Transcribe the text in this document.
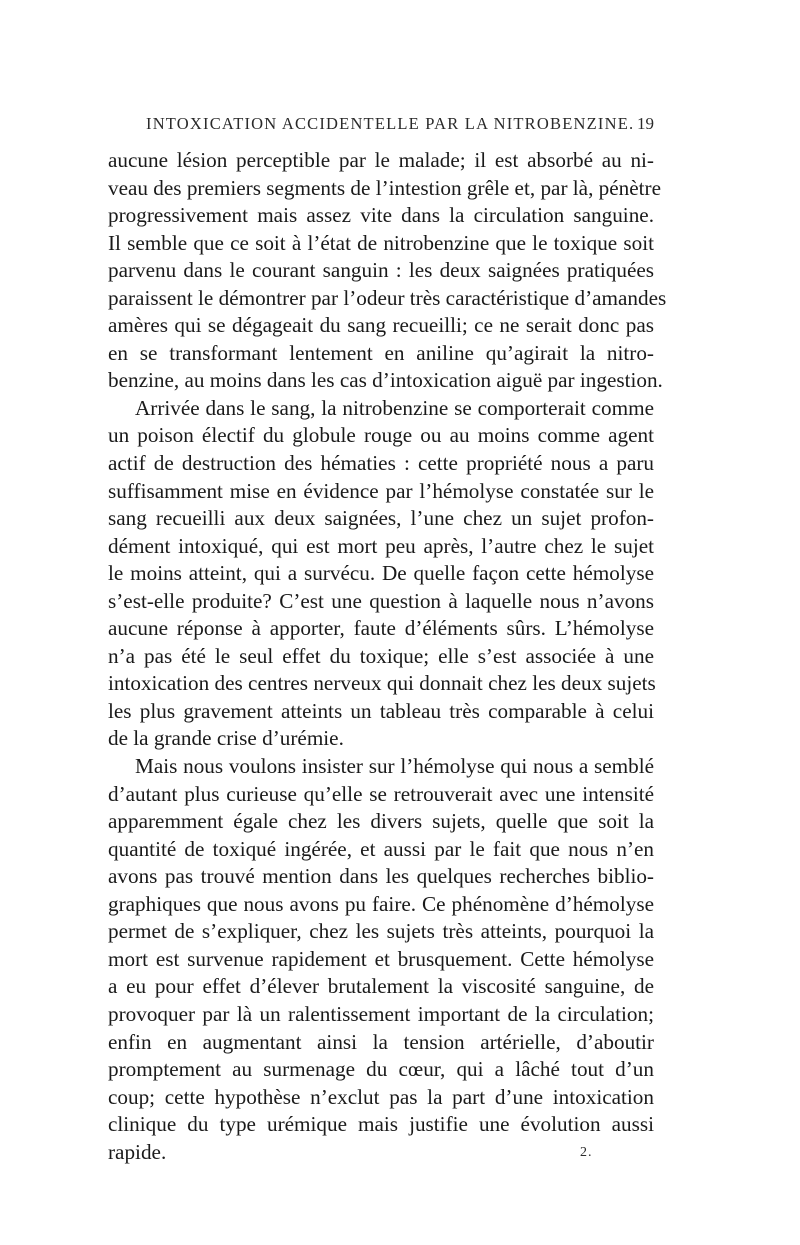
INTOXICATION ACCIDENTELLE PAR LA NITROBENZINE. 19
aucune lésion perceptible par le malade; il est absorbé au ni-
veau des premiers segments de l’intestion grêle et, par là, pénètre
progressivement mais assez vite dans la circulation sanguine.
Il semble que ce soit à l’état de nitrobenzine que le toxique soit
parvenu dans le courant sanguin : les deux saignées pratiquées
paraissent le démontrer par l’odeur très caractéristique d’amandes
amères qui se dégageait du sang recueilli; ce ne serait donc pas
en se transformant lentement en aniline qu’agirait la nitro-
benzine, au moins dans les cas d’intoxication aiguë par ingestion.
Arrivée dans le sang, la nitrobenzine se comporterait comme
un poison électif du globule rouge ou au moins comme agent
actif de destruction des hématies : cette propriété nous a paru
suffisamment mise en évidence par l’hémolyse constatée sur le
sang recueilli aux deux saignées, l’une chez un sujet profon-
dément intoxiqué, qui est mort peu après, l’autre chez le sujet
le moins atteint, qui a survécu. De quelle façon cette hémolyse
s’est-elle produite? C’est une question à laquelle nous n’avons
aucune réponse à apporter, faute d’éléments sûrs. L’hémolyse
n’a pas été le seul effet du toxique; elle s’est associée à une
intoxication des centres nerveux qui donnait chez les deux sujets
les plus gravement atteints un tableau très comparable à celui
de la grande crise d’urémie.
Mais nous voulons insister sur l’hémolyse qui nous a semblé
d’autant plus curieuse qu’elle se retrouverait avec une intensité
apparemment égale chez les divers sujets, quelle que soit la
quantité de toxiqué ingérée, et aussi par le fait que nous n’en
avons pas trouvé mention dans les quelques recherches biblio-
graphiques que nous avons pu faire. Ce phénomène d’hémolyse
permet de s’expliquer, chez les sujets très atteints, pourquoi la
mort est survenue rapidement et brusquement. Cette hémolyse
a eu pour effet d’élever brutalement la viscosité sanguine, de
provoquer par là un ralentissement important de la circulation;
enfin en augmentant ainsi la tension artérielle, d’aboutir
promptement au surmenage du cœur, qui a lâché tout d’un
coup; cette hypothèse n’exclut pas la part d’une intoxication
clinique du type urémique mais justifie une évolution aussi
rapide.	2.
